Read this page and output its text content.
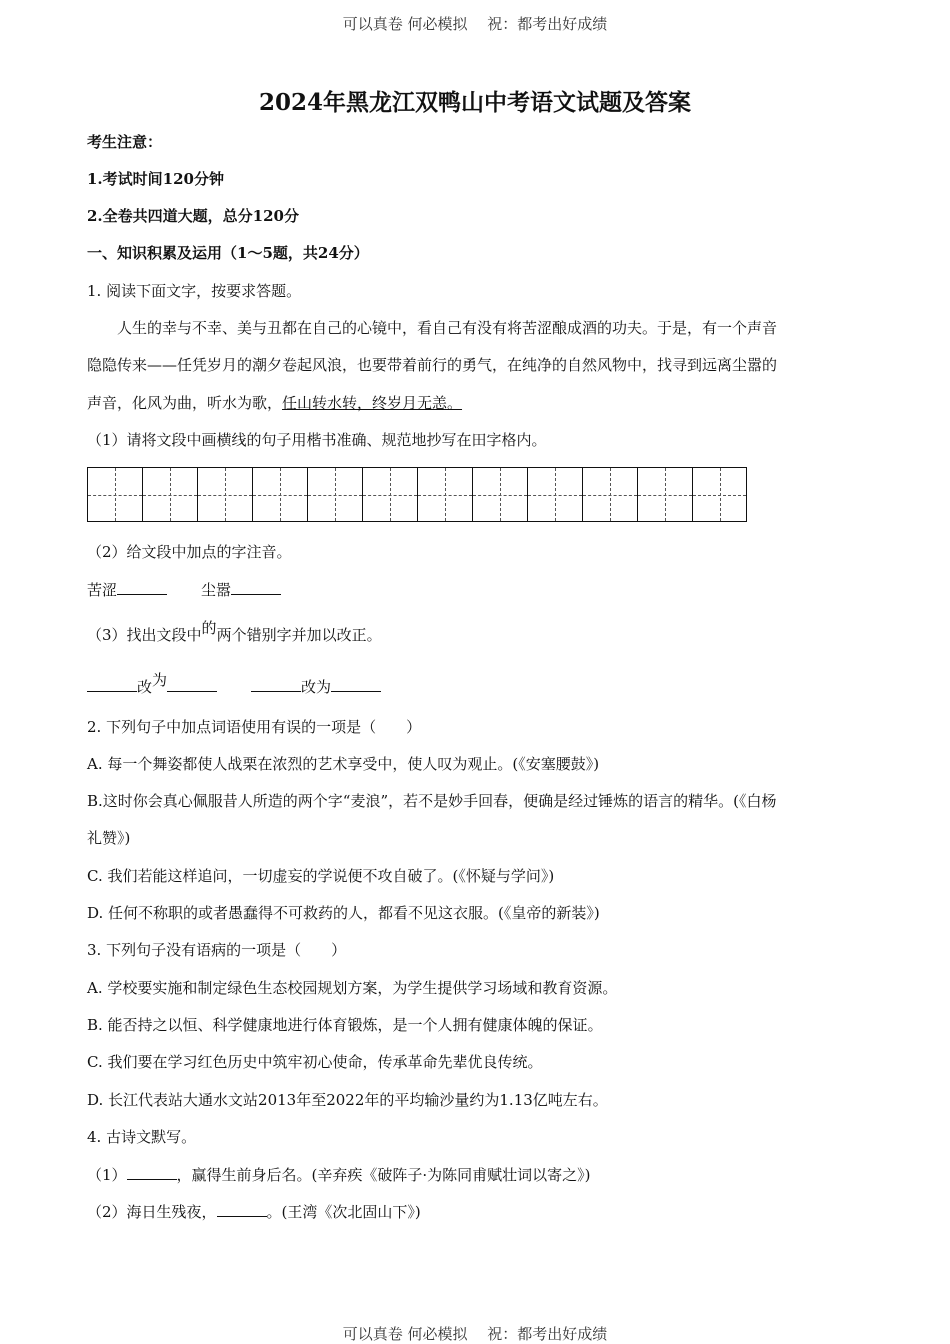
可以真卷 何必模拟　 祝：都考出好成绩
2024年黑龙江双鸭山中考语文试题及答案
考生注意：
1.考试时间120分钟
2.全卷共四道大题，总分120分
一、知识积累及运用（1～5题，共24分）
1. 阅读下面文字，按要求答题。
人生的幸与不幸、美与丑都在自己的心镜中，看自己有没有将苦涩酿成酒的功夫。于是，有一个声音
隐隐传来——任凭岁月的潮夕卷起风浪，也要带着前行的勇气，在纯净的自然风物中，找寻到远离尘嚣的
声音，化风为曲，听水为歌，任山转水转，终岁月无恙。
（1）请将文段中画横线的句子用楷书准确、规范地抄写在田字格内。
（2）给文段中加点的字注音。
苦涩	尘嚣
（3）找出文段中的两个错别字并加以改正。
改为	改为
2. 下列句子中加点词语使用有误的一项是（　　）
A. 每一个舞姿都使人战栗在浓烈的艺术享受中，使人叹为观止。(《安塞腰鼓》)
B.这时你会真心佩服昔人所造的两个字“麦浪”，若不是妙手回春，便确是经过锤炼的语言的精华。(《白杨
礼赞》)
C. 我们若能这样追问，一切虚妄的学说便不攻自破了。(《怀疑与学问》)
D. 任何不称职的或者愚蠢得不可救药的人，都看不见这衣服。(《皇帝的新装》)
3. 下列句子没有语病的一项是（　　）
A. 学校要实施和制定绿色生态校园规划方案，为学生提供学习场域和教育资源。
B. 能否持之以恒、科学健康地进行体育锻炼，是一个人拥有健康体魄的保证。
C. 我们要在学习红色历史中筑牢初心使命，传承革命先辈优良传统。
D. 长江代表站大通水文站2013年至2022年的平均输沙量约为1.13亿吨左右。
4. 古诗文默写。
（1）	，赢得生前身后名。(辛弃疾《破阵子·为陈同甫赋壮词以寄之》)
（2）海日生残夜，	。(王湾《次北固山下》)
可以真卷 何必模拟　 祝：都考出好成绩
